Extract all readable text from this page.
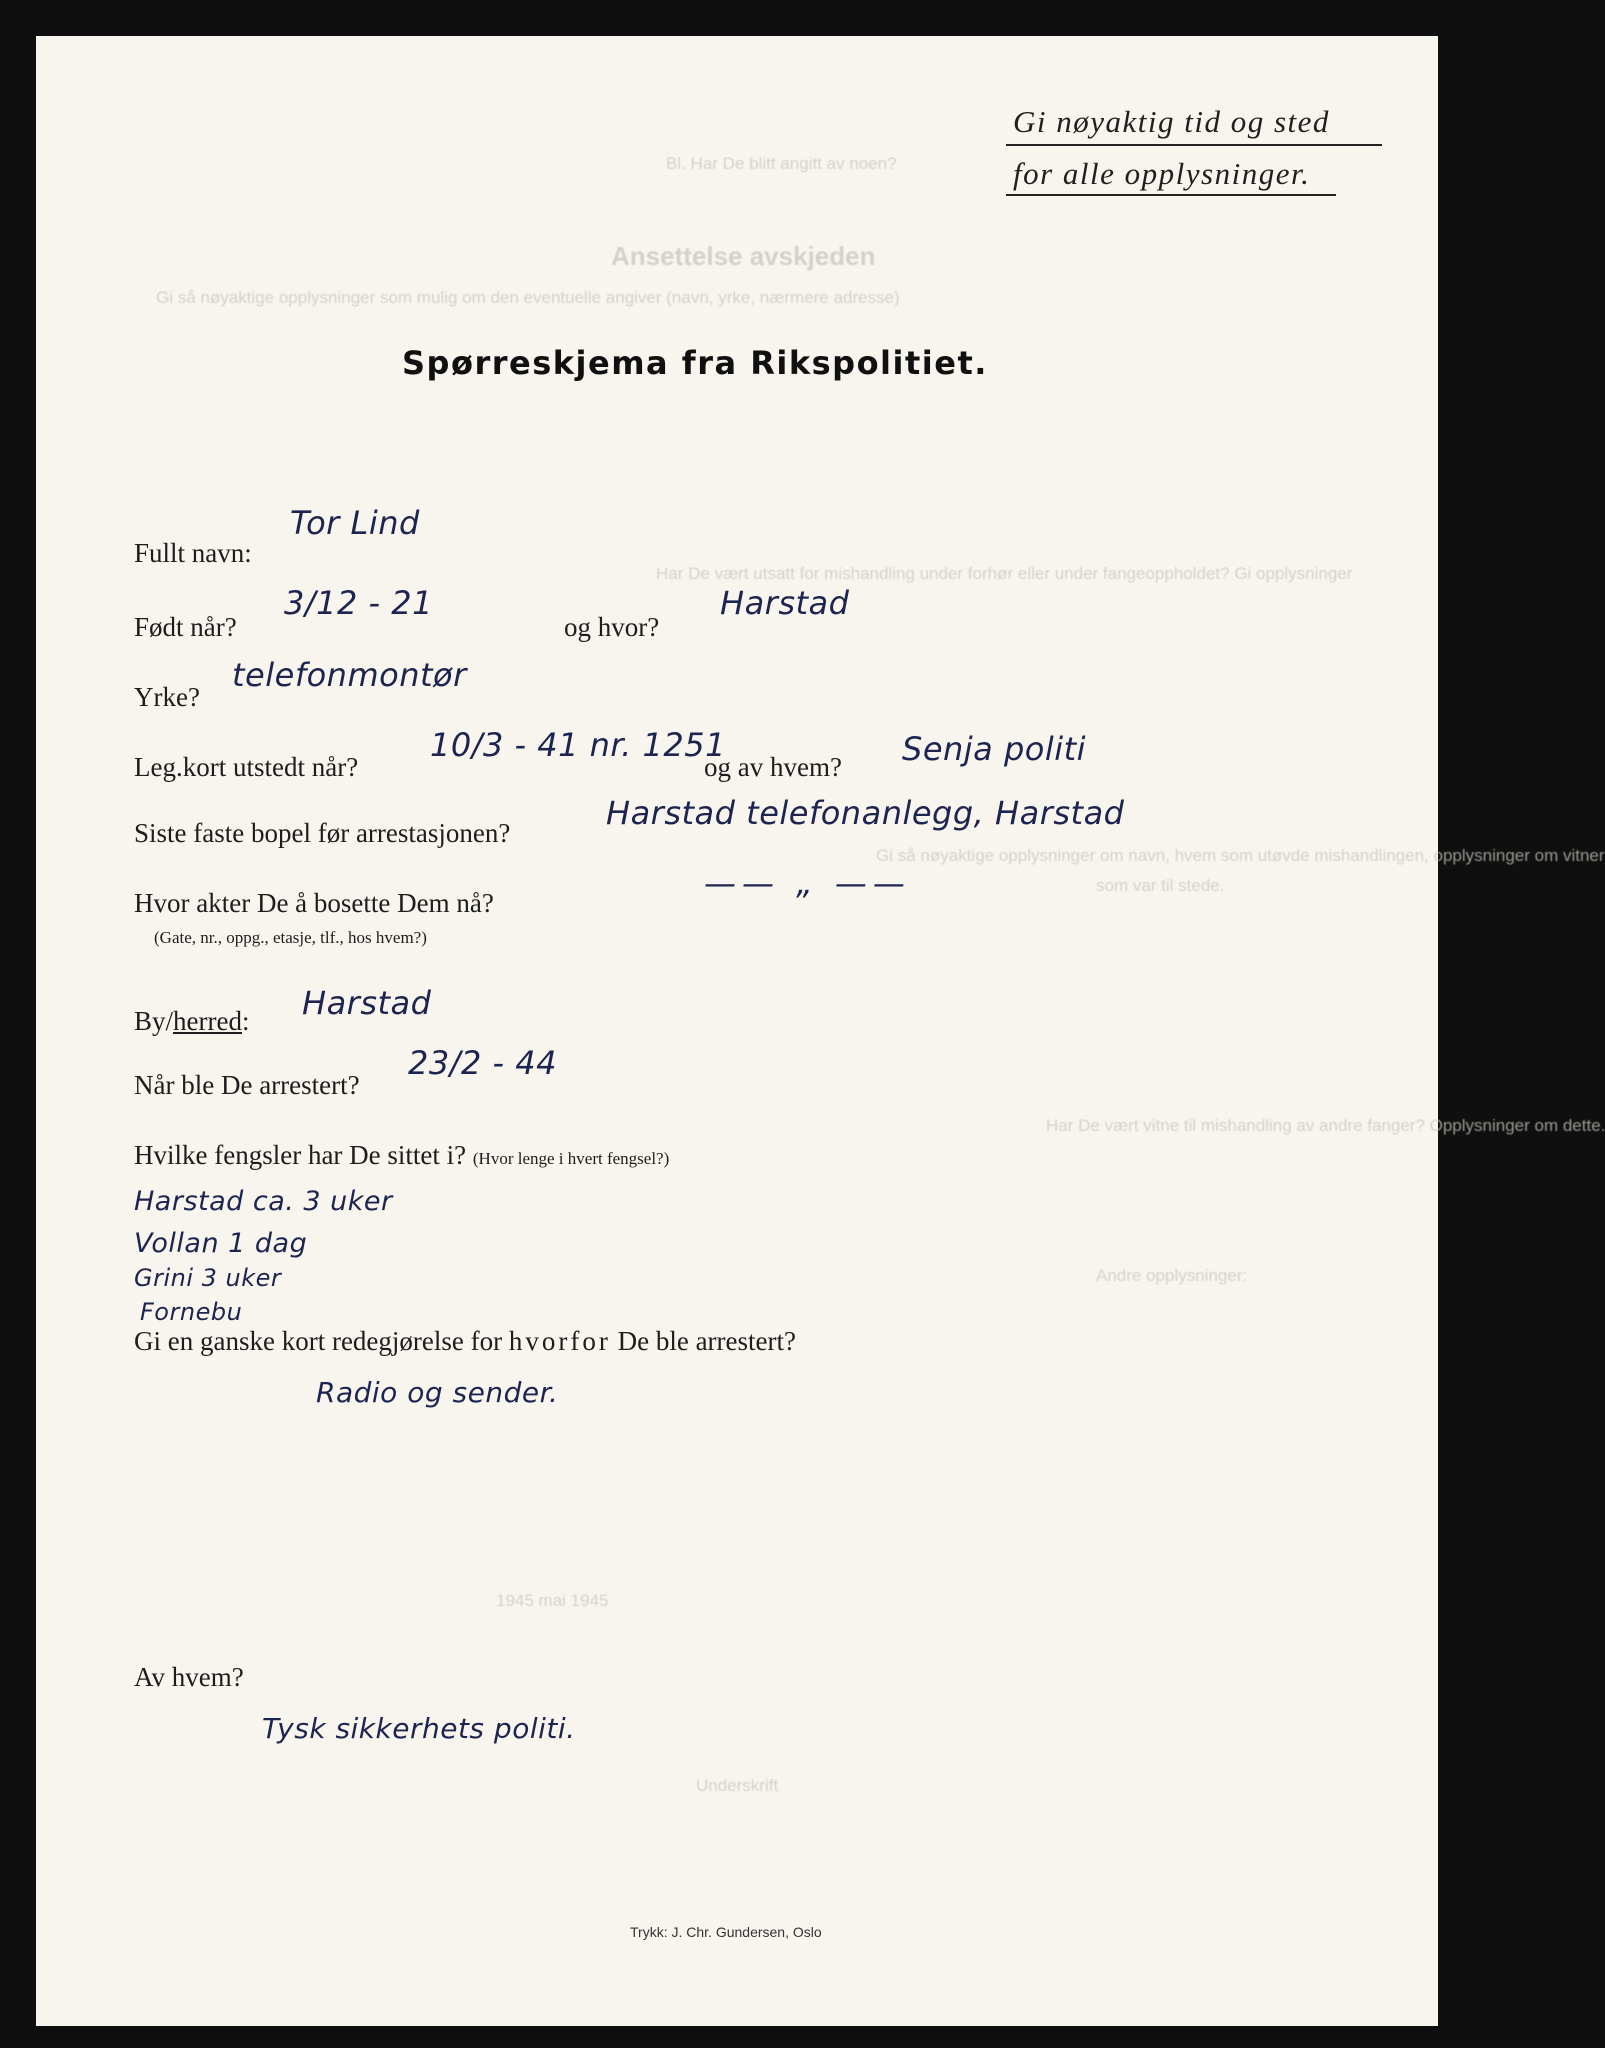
Bl. Har De blitt angitt av noen?
Ansettelse avskjeden
Gi så nøyaktige opplysninger som mulig om den eventuelle angiver (navn, yrke, nærmere adresse)
Har De vært utsatt for mishandling under forhør eller under fangeoppholdet? Gi opplysninger
Gi så nøyaktige opplysninger om navn, hvem som utøvde mishandlingen, opplysninger om vitner
som var til stede.
Har De vært vitne til mishandling av andre fanger? Opplysninger om dette.
Andre opplysninger:
1945 mai 1945
Underskrift
Gi nøyaktig tid og sted
for alle opplysninger.
Spørreskjema fra Rikspolitiet.
Fullt navn:
Tor Lind
Født når?
3/12 - 21
og hvor?
Harstad
Yrke?
telefonmontør
Leg.kort utstedt når?
10/3 - 41 nr. 1251
og av hvem? Senja politi
Siste faste bopel før arrestasjonen?
Harstad telefonanlegg, Harstad
Hvor akter De å bosette Dem nå?
(Gate, nr., oppg., etasje, tlf., hos hvem?)
—— „ ——
By/herred: Harstad
Når ble De arrestert?
23/2 - 44
Hvilke fengsler har De sittet i? (Hvor lenge i hvert fengsel?)
Harstad ca. 3 uker
Vollan 1 dag
Grini 3 uker
Fornebu
Gi en ganske kort redegjørelse for hvorfor De ble arrestert?
Radio og sender.
Av hvem?
Tysk sikkerhets politi.
Trykk: J. Chr. Gundersen, Oslo
